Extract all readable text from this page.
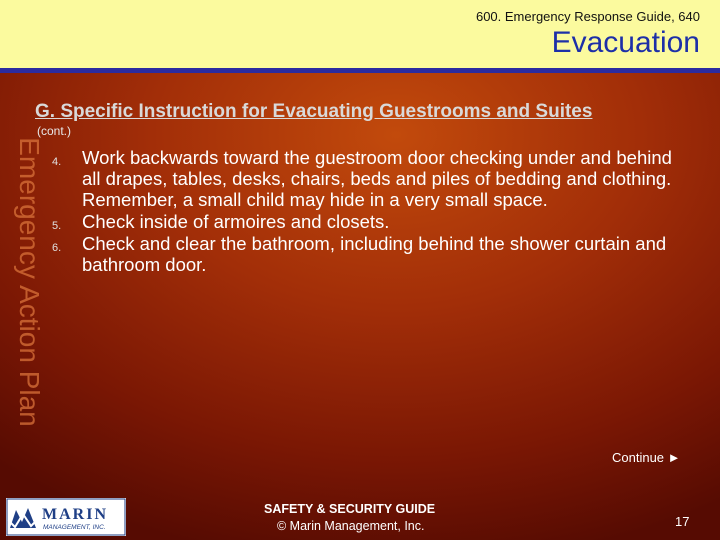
600. Emergency Response Guide, 640
Evacuation
Emergency Action Plan
G. Specific Instruction for Evacuating Guestrooms and Suites
(cont.)
4. Work backwards toward the guestroom door checking under and behind all drapes, tables, desks, chairs, beds and piles of bedding and clothing. Remember, a small child may hide in a very small space.
5. Check inside of armoires and closets.
6. Check and clear the bathroom, including behind the shower curtain and bathroom door.
Continue ►
MARIN
MANAGEMENT, INC.
SAFETY & SECURITY GUIDE
© Marin Management, Inc.	17
